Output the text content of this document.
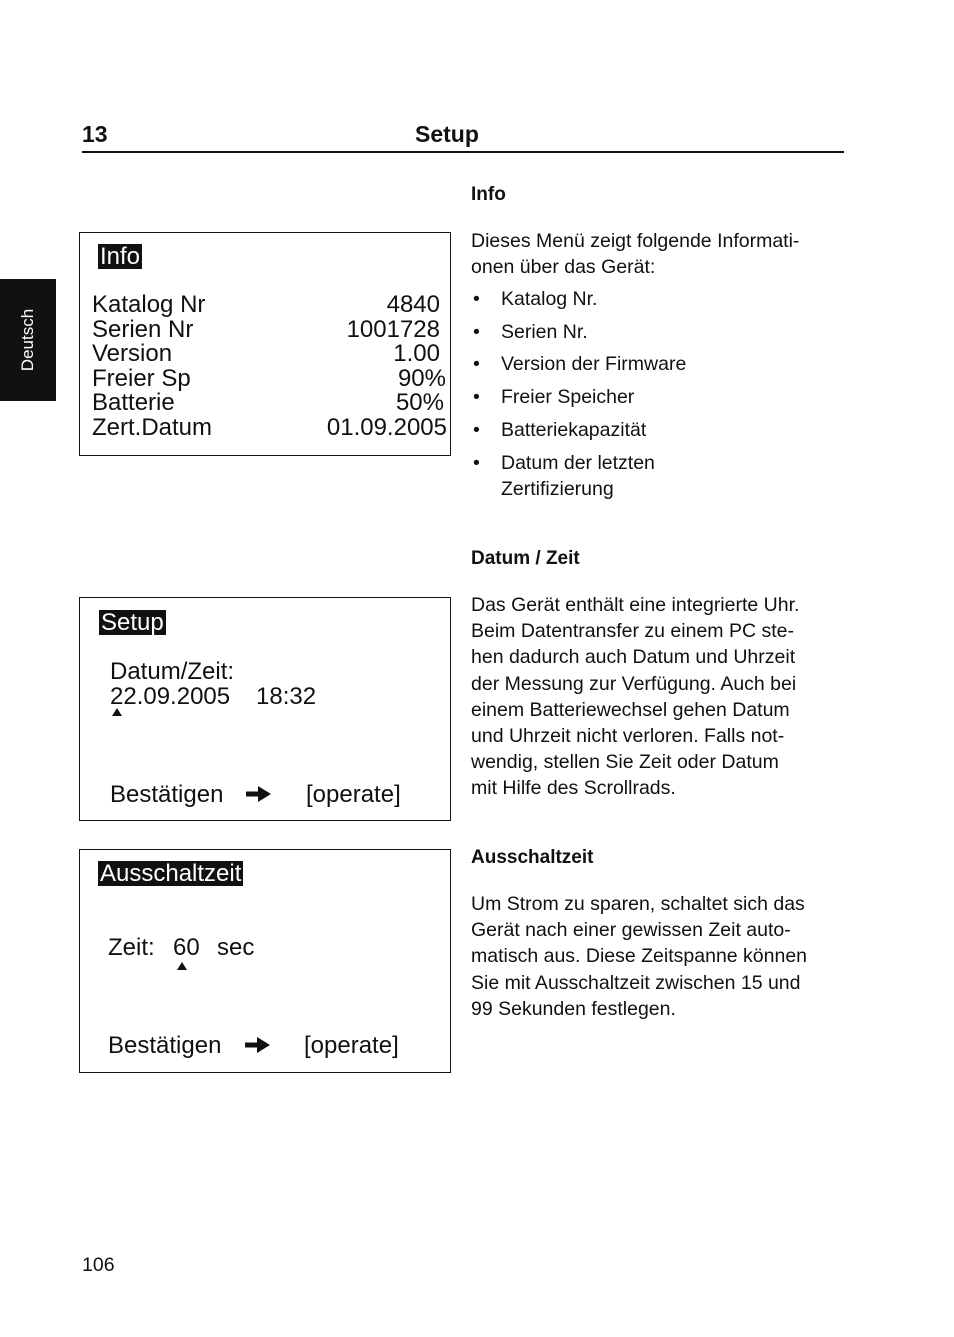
13	Setup
Deutsch
Info
Katalog Nr	4840
Serien Nr	1001728
Version	1.00
Freier Sp	90%
Batterie	50%
Zert.Datum	01.09.2005
Setup
Datum/Zeit:
22.09.2005 18:32
Bestätigen	[operate]
Ausschaltzeit
Zeit: 60 sec
Bestätigen	[operate]
Info
Dieses Menü zeigt folgende Informati-
onen über das Gerät:
• Katalog Nr.
• Serien Nr.
• Version der Firmware
• Freier Speicher
• Batteriekapazität
• Datum der letzten
Zertifizierung
Datum / Zeit
Das Gerät enthält eine integrierte Uhr.
Beim Datentransfer zu einem PC ste-
hen dadurch auch Datum und Uhrzeit
der Messung zur Verfügung. Auch bei
einem Batteriewechsel gehen Datum
und Uhrzeit nicht verloren. Falls not-
wendig, stellen Sie Zeit oder Datum
mit Hilfe des Scrollrads.
Ausschaltzeit
Um Strom zu sparen, schaltet sich das
Gerät nach einer gewissen Zeit auto-
matisch aus. Diese Zeitspanne können
Sie mit Ausschaltzeit zwischen 15 und
99 Sekunden festlegen.
106
